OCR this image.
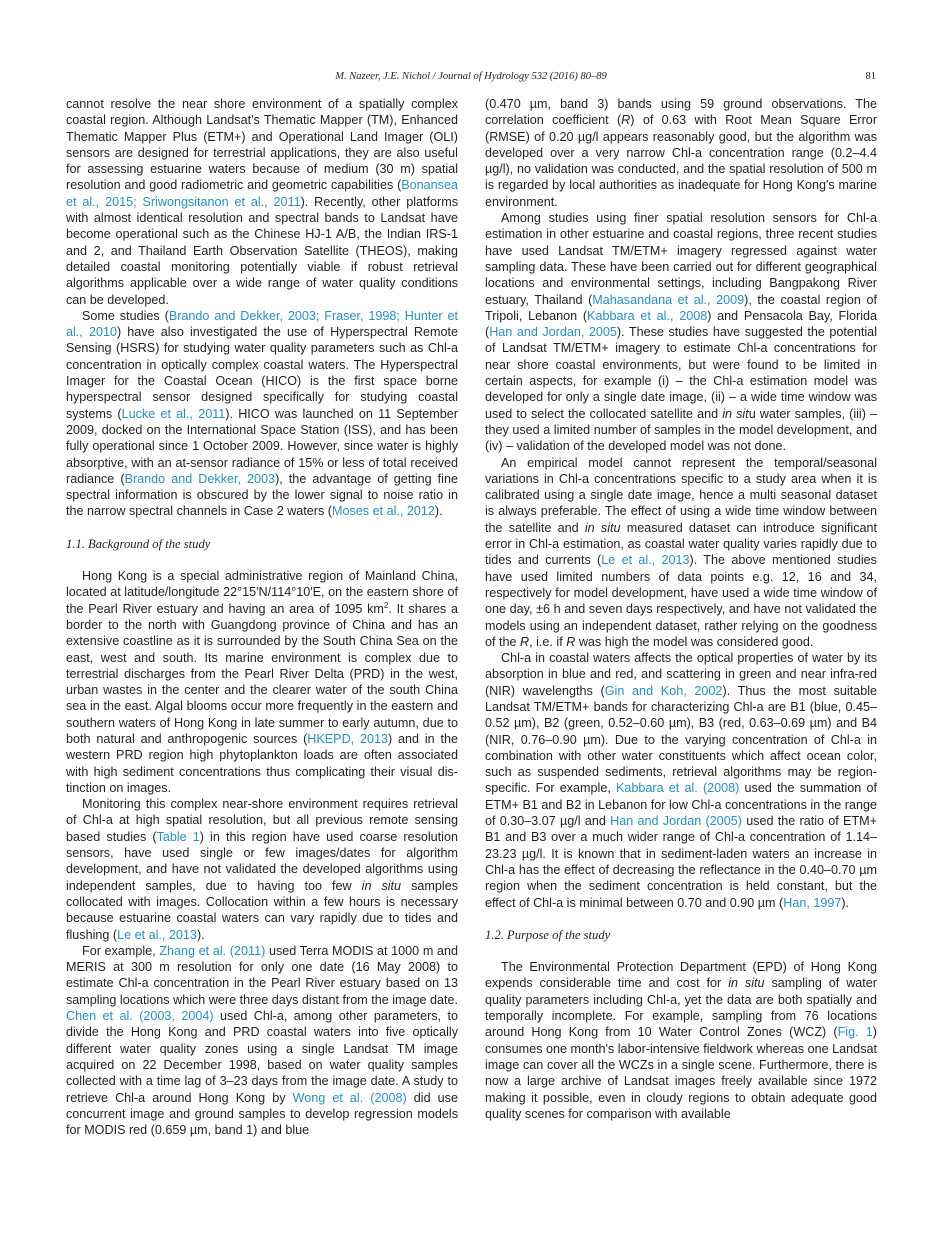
M. Nazeer, J.E. Nichol / Journal of Hydrology 532 (2016) 80–89	81

cannot resolve the near shore environment of a spatially complex coastal region. Although Landsat's Thematic Mapper (TM), Enhanced Thematic Mapper Plus (ETM+) and Operational Land Imager (OLI) sensors are designed for terrestrial applications, they are also useful for assessing estuarine waters because of medium (30 m) spatial resolution and good radiometric and geometric capabilities (Bonansea et al., 2015; Sriwongsitanon et al., 2011). Recently, other platforms with almost identical resolution and spectral bands to Landsat have become operational such as the Chinese HJ-1 A/B, the Indian IRS-1 and 2, and Thailand Earth Observation Satellite (THEOS), making detailed coastal monitoring potentially viable if robust retrieval algorithms applicable over a wide range of water quality conditions can be developed.

Some studies (Brando and Dekker, 2003; Fraser, 1998; Hunter et al., 2010) have also investigated the use of Hyperspectral Remote Sensing (HSRS) for studying water quality parameters such as Chl-a concentration in optically complex coastal waters. The Hyperspectral Imager for the Coastal Ocean (HICO) is the first space borne hyperspectral sensor designed specifically for studying coastal systems (Lucke et al., 2011). HICO was launched on 11 September 2009, docked on the International Space Station (ISS), and has been fully operational since 1 October 2009. However, since water is highly absorptive, with an at-sensor radiance of 15% or less of total received radiance (Brando and Dekker, 2003), the advantage of getting fine spectral information is obscured by the lower signal to noise ratio in the narrow spectral channels in Case 2 waters (Moses et al., 2012).

1.1. Background of the study

Hong Kong is a special administrative region of Mainland China, located at latitude/longitude 22°15′N/114°10′E, on the eastern shore of the Pearl River estuary and having an area of 1095 $km^2$. It shares a border to the north with Guangdong province of China and has an extensive coastline as it is surrounded by the South China Sea on the east, west and south. Its marine environment is complex due to terrestrial discharges from the Pearl River Delta (PRD) in the west, urban wastes in the center and the clearer water of the south China sea in the east. Algal blooms occur more frequently in the eastern and southern waters of Hong Kong in late summer to early autumn, due to both natural and anthropogenic sources (HKEPD, 2013) and in the western PRD region high phytoplankton loads are often associated with high sediment concentrations thus complicating their visual distinction on images.

Monitoring this complex near-shore environment requires retrieval of Chl-a at high spatial resolution, but all previous remote sensing based studies (Table 1) in this region have used coarse resolution sensors, have used single or few images/dates for algorithm development, and have not validated the developed algorithms using independent samples, due to having too few in situ samples collocated with images. Collocation within a few hours is necessary because estuarine coastal waters can vary rapidly due to tides and flushing (Le et al., 2013).

For example, Zhang et al. (2011) used Terra MODIS at 1000 m and MERIS at 300 m resolution for only one date (16 May 2008) to estimate Chl-a concentration in the Pearl River estuary based on 13 sampling locations which were three days distant from the image date. Chen et al. (2003, 2004) used Chl-a, among other parameters, to divide the Hong Kong and PRD coastal waters into five optically different water quality zones using a single Landsat TM image acquired on 22 December 1998, based on water quality samples collected with a time lag of 3–23 days from the image date. A study to retrieve Chl-a around Hong Kong by Wong et al. (2008) did use concurrent image and ground samples to develop regression models for MODIS red (0.659 µm, band 1) and blue

(0.470 µm, band 3) bands using 59 ground observations. The correlation coefficient (R) of 0.63 with Root Mean Square Error (RMSE) of 0.20 µg/l appears reasonably good, but the algorithm was developed over a very narrow Chl-a concentration range (0.2–4.4 µg/l), no validation was conducted, and the spatial resolution of 500 m is regarded by local authorities as inadequate for Hong Kong's marine environment.

Among studies using finer spatial resolution sensors for Chl-a estimation in other estuarine and coastal regions, three recent studies have used Landsat TM/ETM+ imagery regressed against water sampling data. These have been carried out for different geographical locations and environmental settings, including Bangpakong River estuary, Thailand (Mahasandana et al., 2009), the coastal region of Tripoli, Lebanon (Kabbara et al., 2008) and Pensacola Bay, Florida (Han and Jordan, 2005). These studies have suggested the potential of Landsat TM/ETM+ imagery to estimate Chl-a concentrations for near shore coastal environments, but were found to be limited in certain aspects, for example (i) – the Chl-a estimation model was developed for only a single date image, (ii) – a wide time window was used to select the collocated satellite and in situ water samples, (iii) – they used a limited number of samples in the model development, and (iv) – validation of the developed model was not done.

An empirical model cannot represent the temporal/seasonal variations in Chl-a concentrations specific to a study area when it is calibrated using a single date image, hence a multi seasonal dataset is always preferable. The effect of using a wide time window between the satellite and in situ measured dataset can introduce significant error in Chl-a estimation, as coastal water quality varies rapidly due to tides and currents (Le et al., 2013). The above mentioned studies have used limited numbers of data points e.g. 12, 16 and 34, respectively for model development, have used a wide time window of one day, ±6 h and seven days respectively, and have not validated the models using an independent dataset, rather relying on the goodness of the R, i.e. if R was high the model was considered good.

Chl-a in coastal waters affects the optical properties of water by its absorption in blue and red, and scattering in green and near infra-red (NIR) wavelengths (Gin and Koh, 2002). Thus the most suitable Landsat TM/ETM+ bands for characterizing Chl-a are B1 (blue, 0.45–0.52 µm), B2 (green, 0.52–0.60 µm), B3 (red, 0.63–0.69 µm) and B4 (NIR, 0.76–0.90 µm). Due to the varying concentration of Chl-a in combination with other water constituents which affect ocean color, such as suspended sediments, retrieval algorithms may be region-specific. For example, Kabbara et al. (2008) used the summation of ETM+ B1 and B2 in Lebanon for low Chl-a concentrations in the range of 0.30–3.07 µg/l and Han and Jordan (2005) used the ratio of ETM+ B1 and B3 over a much wider range of Chl-a concentration of 1.14–23.23 µg/l. It is known that in sediment-laden waters an increase in Chl-a has the effect of decreasing the reflectance in the 0.40–0.70 µm region when the sediment concentration is held constant, but the effect of Chl-a is minimal between 0.70 and 0.90 µm (Han, 1997).

1.2. Purpose of the study

The Environmental Protection Department (EPD) of Hong Kong expends considerable time and cost for in situ sampling of water quality parameters including Chl-a, yet the data are both spatially and temporally incomplete. For example, sampling from 76 locations around Hong Kong from 10 Water Control Zones (WCZ) (Fig. 1) consumes one month's labor-intensive fieldwork whereas one Landsat image can cover all the WCZs in a single scene. Furthermore, there is now a large archive of Landsat images freely available since 1972 making it possible, even in cloudy regions to obtain adequate good quality scenes for comparison with available
